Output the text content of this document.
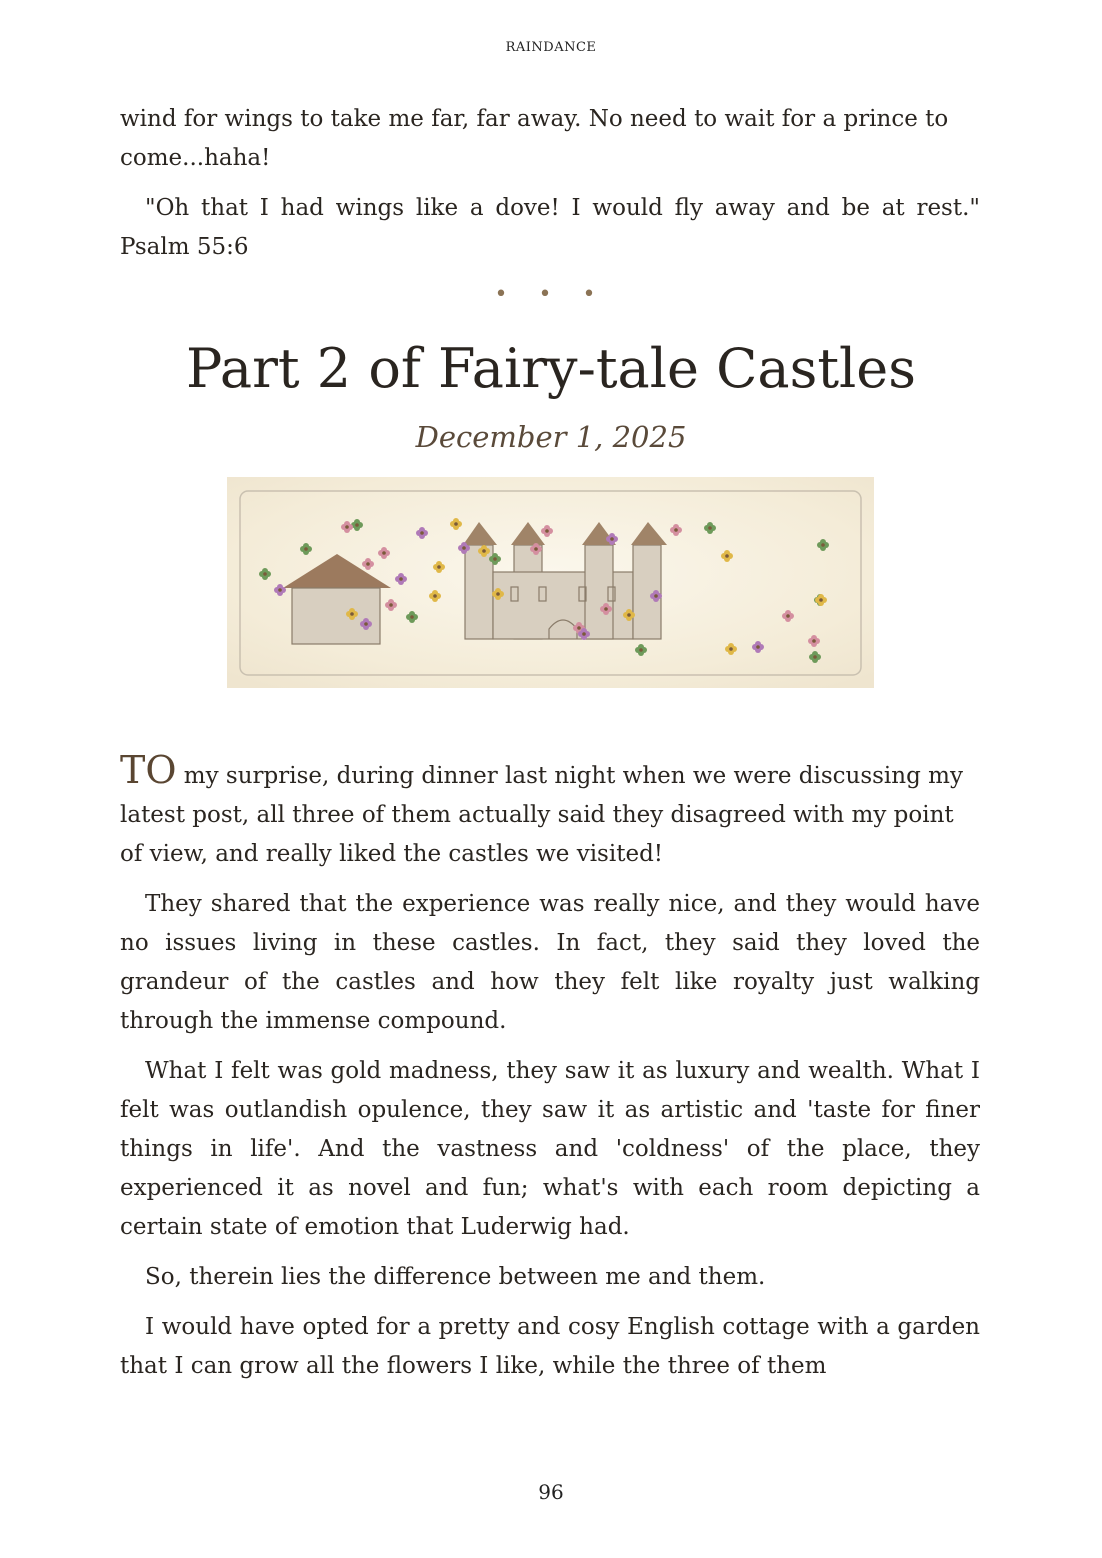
RAINDANCE

wind for wings to take me far, far away. No need to wait for a prince to come...haha!

"Oh that I had wings like a dove! I would fly away and be at rest." Psalm 55:6

• • •
Part 2 of Fairy-tale Castles
December 1, 2025

TO my surprise, during dinner last night when we were discussing my latest post, all three of them actually said they disagreed with my point of view, and really liked the castles we visited!

They shared that the experience was really nice, and they would have no issues living in these castles. In fact, they said they loved the grandeur of the castles and how they felt like royalty just walking through the immense compound.

What I felt was gold madness, they saw it as luxury and wealth. What I felt was outlandish opulence, they saw it as artistic and 'taste for finer things in life'. And the vastness and 'coldness' of the place, they experienced it as novel and fun; what's with each room depicting a certain state of emotion that Luderwig had.

So, therein lies the difference between me and them.

I would have opted for a pretty and cosy English cottage with a garden that I can grow all the flowers I like, while the three of them

96
